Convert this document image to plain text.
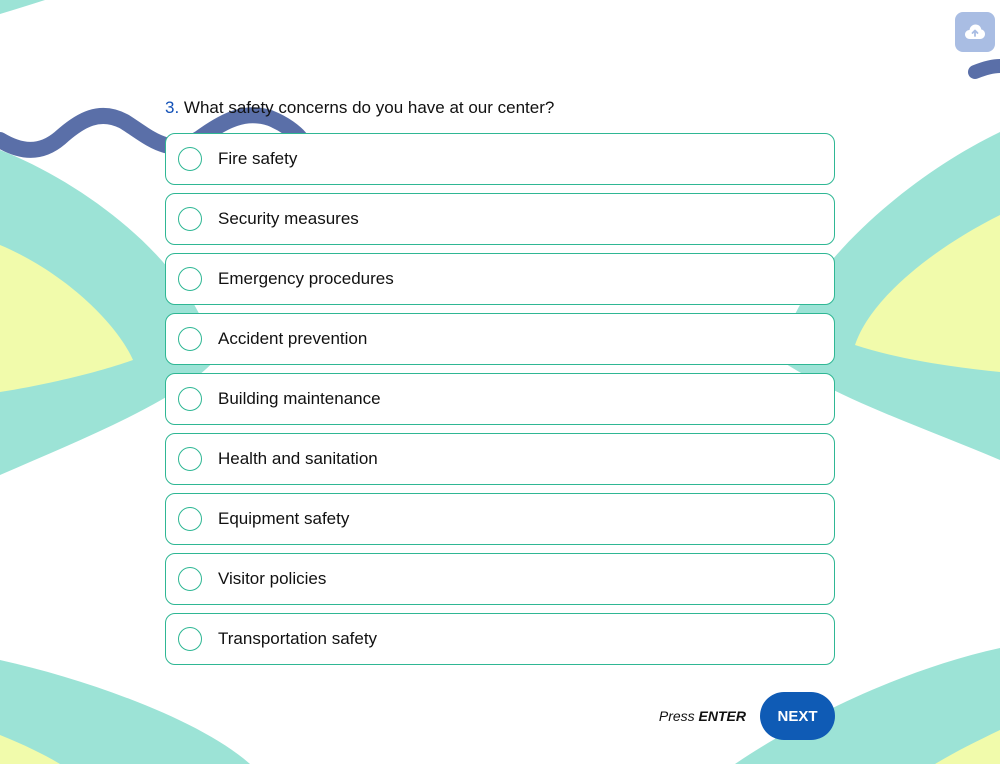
3. What safety concerns do you have at our center?
Fire safety
Security measures
Emergency procedures
Accident prevention
Building maintenance
Health and sanitation
Equipment safety
Visitor policies
Transportation safety
Press ENTER	NEXT
